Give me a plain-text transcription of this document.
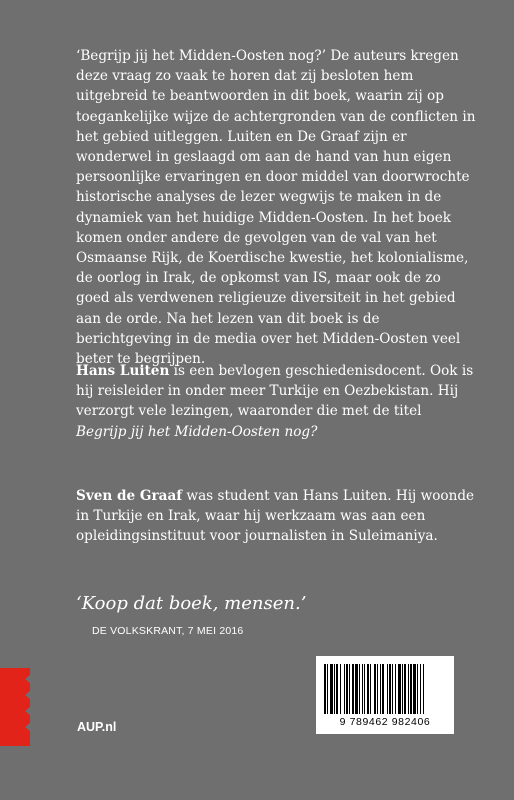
‘Begrijp jij het Midden-Oosten nog?’ De auteurs kregen deze vraag zo vaak te horen dat zij besloten hem uitgebreid te beantwoorden in dit boek, waarin zij op toegankelijke wijze de achtergronden van de conflicten in het gebied uitleggen. Luiten en De Graaf zijn er wonderwel in geslaagd om aan de hand van hun eigen persoonlijke ervaringen en door middel van doorwrochte historische analyses de lezer wegwijs te maken in de dynamiek van het huidige Midden-Oosten. In het boek komen onder andere de gevolgen van de val van het Osmaanse Rijk, de Koerdische kwestie, het kolonialisme, de oorlog in Irak, de opkomst van IS, maar ook de zo goed als verdwenen religieuze diversiteit in het gebied aan de orde. Na het lezen van dit boek is de berichtgeving in de media over het Midden-Oosten veel beter te begrijpen.

Hans Luiten is een bevlogen geschiedenisdocent. Ook is hij reisleider in onder meer Turkije en Oezbekistan. Hij verzorgt vele lezingen, waaronder die met de titel Begrijp jij het Midden-Oosten nog?

Sven de Graaf was student van Hans Luiten. Hij woonde in Turkije en Irak, waar hij werkzaam was aan een opleidingsinstituut voor journalisten in Suleimaniya.

‘Koop dat boek, mensen.’

DE VOLKSKRANT, 7 MEI 2016

AUP.nl	9 789462 982406
